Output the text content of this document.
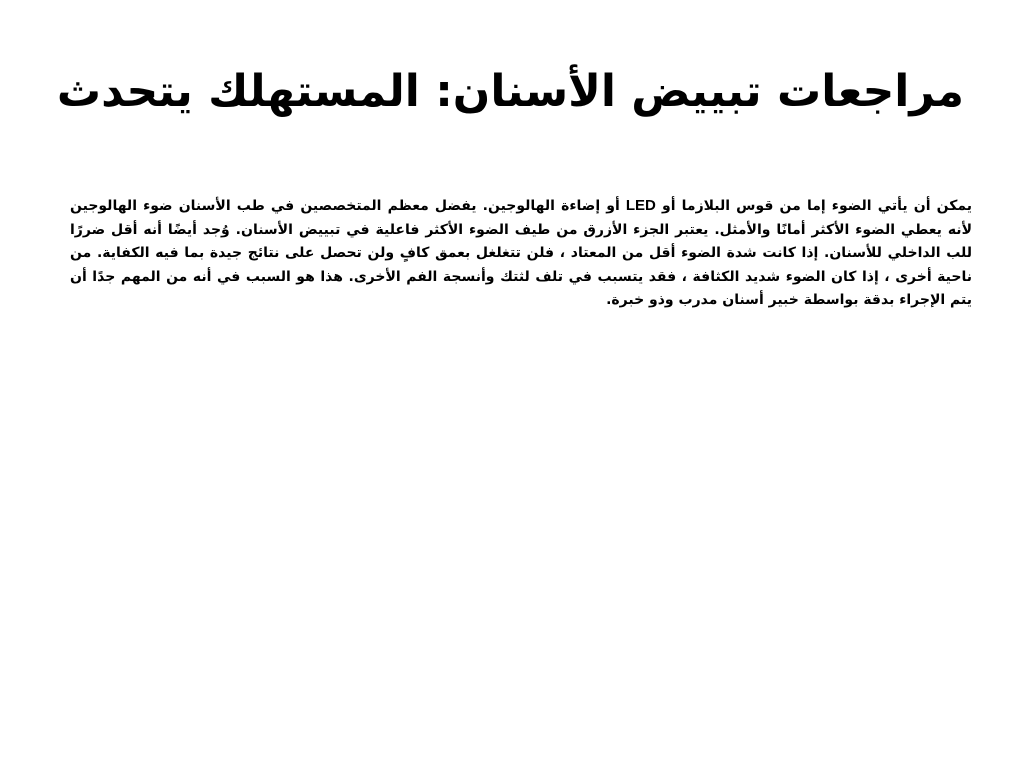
مراجعات تبييض الأسنان: المستهلك يتحدث

يمكن أن يأتي الضوء إما من قوس البلازما أو LED أو إضاءة الهالوجين. يفضل معظم المتخصصين في طب الأسنان ضوء الهالوجين لأنه يعطي الضوء الأكثر أمانًا والأمثل. يعتبر الجزء الأزرق من طيف الضوء الأكثر فاعلية في تبييض الأسنان. وُجد أيضًا أنه أقل ضررًا للب الداخلي للأسنان. إذا كانت شدة الضوء أقل من المعتاد ، فلن تتغلغل بعمق كافٍ ولن تحصل على نتائج جيدة بما فيه الكفاية. من ناحية أخرى ، إذا كان الضوء شديد الكثافة ، فقد يتسبب في تلف لثتك وأنسجة الفم الأخرى. هذا هو السبب في أنه من المهم جدًا أن يتم الإجراء بدقة بواسطة خبير أسنان مدرب وذو خبرة.
